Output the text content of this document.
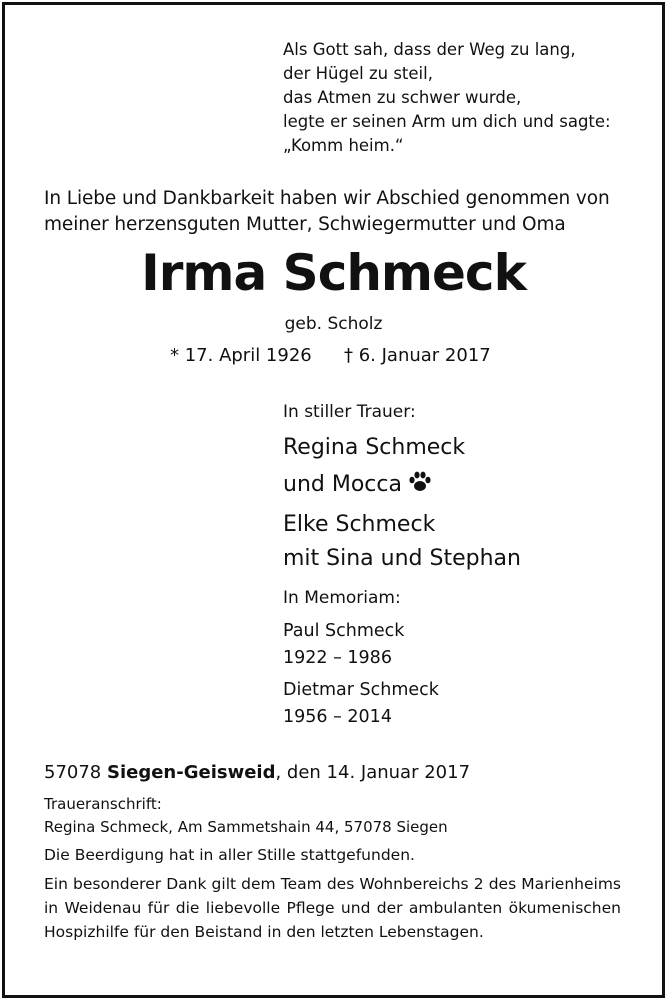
Als Gott sah, dass der Weg zu lang,
der Hügel zu steil,
das Atmen zu schwer wurde,
legte er seinen Arm um dich und sagte:
„Komm heim.“
In Liebe und Dankbarkeit haben wir Abschied genommen von
meiner herzensguten Mutter, Schwiegermutter und Oma
Irma Schmeck
geb. Scholz
* 17. April 1926 † 6. Januar 2017
In stiller Trauer:
Regina Schmeck
und Mocca
Elke Schmeck
mit Sina und Stephan
In Memoriam:
Paul Schmeck
1922 – 1986
Dietmar Schmeck
1956 – 2014
57078 Siegen-Geisweid, den 14. Januar 2017
Traueranschrift:
Regina Schmeck, Am Sammetshain 44, 57078 Siegen
Die Beerdigung hat in aller Stille stattgefunden.
Ein besonderer Dank gilt dem Team des Wohnbereichs 2 des Marienheims in Weidenau für die liebevolle Pflege und der ambulanten ökumenischen Hospizhilfe für den Beistand in den letzten Lebenstagen.
